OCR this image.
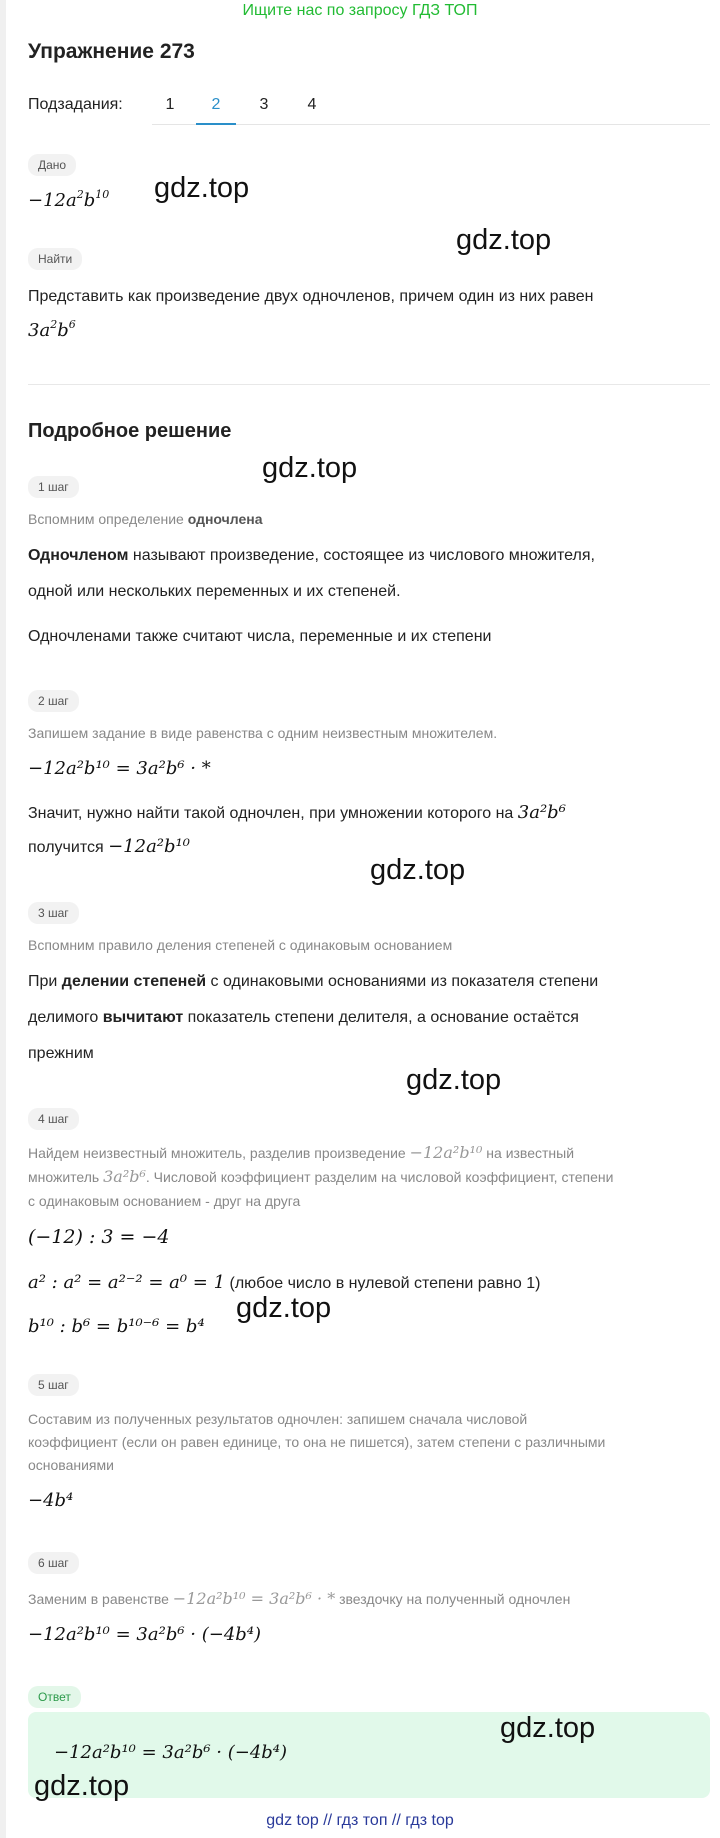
Ищите нас по запросу ГДЗ ТОП
Упражнение 273
Подзадания:	1	2	3	4
Дано
$-12a^2b^{10}$
Найти
Представить как произведение двух одночленов, причем один из них равен
$3a^2b^6$
Подробное решение
1 шаг
Вспомним определение одночлена
Одночленом называют произведение, состоящее из числового множителя,
одной или нескольких переменных и их степеней.
Одночленами также считают числа, переменные и их степени
2 шаг
Запишем задание в виде равенства с одним неизвестным множителем.
−12a²b¹⁰ = 3a²b⁶ · *
Значит, нужно найти такой одночлен, при умножении которого на 3a²b⁶
получится −12a²b¹⁰
3 шаг
Вспомним правило деления степеней с одинаковым основанием
При делении степеней с одинаковыми основаниями из показателя степени
делимого вычитают показатель степени делителя, а основание остаётся
прежним
4 шаг
Найдем неизвестный множитель, разделив произведение −12a²b¹⁰ на известный
множитель 3a²b⁶. Числовой коэффициент разделим на числовой коэффициент, степени
с одинаковым основанием - друг на друга
(−12) : 3 = −4
a² : a² = a²⁻² = a⁰ = 1 (любое число в нулевой степени равно 1)
b¹⁰ : b⁶ = b¹⁰⁻⁶ = b⁴
5 шаг
Составим из полученных результатов одночлен: запишем сначала числовой
коэффициент (если он равен единице, то она не пишется), затем степени с различными
основаниями
−4b⁴
6 шаг
Заменим в равенстве −12a²b¹⁰ = 3a²b⁶ · * звездочку на полученный одночлен
−12a²b¹⁰ = 3a²b⁶ · (−4b⁴)
Ответ
−12a²b¹⁰ = 3a²b⁶ · (−4b⁴)
gdz.top
gdz.top
gdz.top
gdz.top
gdz.top
gdz.top
gdz.top
gdz.top
gdz top // гдз топ // гдз top
